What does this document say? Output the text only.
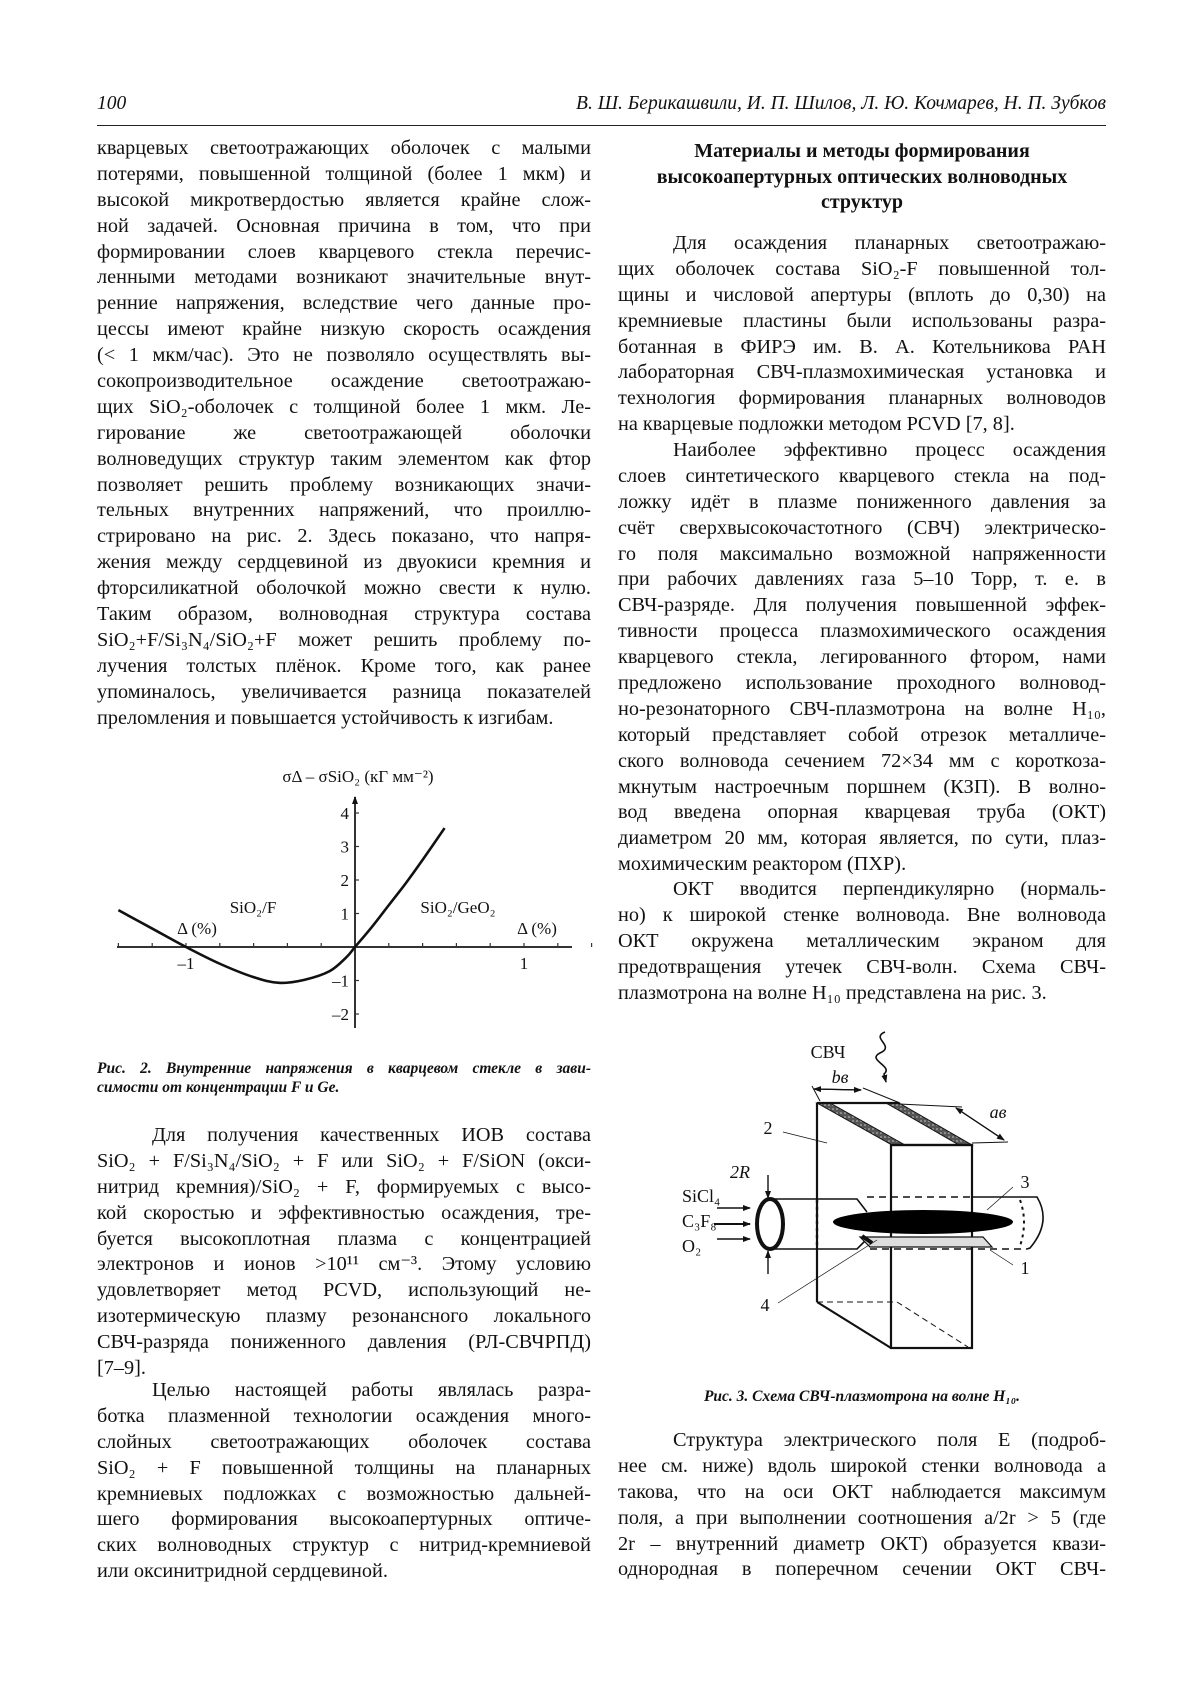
100	В. Ш. Берикашвили, И. П. Шилов, Л. Ю. Кочмарев, Н. П. Зубков
кварцевых светоотражающих оболочек с малыми
потерями, повышенной толщиной (более 1 мкм) и
высокой микротвердостью является крайне слож-
ной задачей. Основная причина в том, что при
формировании слоев кварцевого стекла перечис-
ленными методами возникают значительные внут-
ренние напряжения, вследствие чего данные про-
цессы имеют крайне низкую скорость осаждения
(< 1 мкм/час). Это не позволяло осуществлять вы-
сокопроизводительное осаждение светоотражаю-
щих SiO₂-оболочек с толщиной более 1 мкм. Ле-
гирование же светоотражающей оболочки
волноведущих структур таким элементом как фтор
позволяет решить проблему возникающих значи-
тельных внутренних напряжений, что проиллю-
стрировано на рис. 2. Здесь показано, что напря-
жения между сердцевиной из двуокиси кремния и
фторсиликатной оболочкой можно свести к нулю.
Таким образом, волноводная структура состава
SiO₂+F/Si₃N₄/SiO₂+F может решить проблему по-
лучения толстых плёнок. Кроме того, как ранее
упоминалось, увеличивается разница показателей
преломления и повышается устойчивость к изгибам.
Для получения качественных ИОВ состава
SiO₂ + F/Si₃N₄/SiO₂ + F или SiO₂ + F/SiON (окси-
нитрид кремния)/SiO₂ + F, формируемых с высо-
кой скоростью и эффективностью осаждения, тре-
буется высокоплотная плазма с концентрацией
электронов и ионов >10¹¹ см⁻³. Этому условию
удовлетворяет метод PCVD, использующий не-
изотермическую плазму резонансного локального
СВЧ-разряда пониженного давления (РЛ-СВЧРПД)
[7–9].
Целью настоящей работы являлась разра-
ботка плазменной технологии осаждения много-
слойных светоотражающих оболочек состава
SiO₂ + F повышенной толщины на планарных
кремниевых подложках с возможностью дальней-
шего формирования высокоапертурных оптиче-
ских волноводных структур с нитрид-кремниевой
или оксинитридной сердцевиной.
Материалы и методы формирования
высокоапертурных оптических волноводных
структур
Для осаждения планарных светоотражаю-
щих оболочек состава SiO₂-F повышенной тол-
щины и числовой апертуры (вплоть до 0,30) на
кремниевые пластины были использованы разра-
ботанная в ФИРЭ им. В. А. Котельникова РАН
лабораторная СВЧ-плазмохимическая установка и
технология формирования планарных волноводов
на кварцевые подложки методом PCVD [7, 8].
Наиболее эффективно процесс осаждения
слоев синтетического кварцевого стекла на под-
ложку идёт в плазме пониженного давления за
счёт сверхвысокочастотного (СВЧ) электрическо-
го поля максимально возможной напряженности
при рабочих давлениях газа 5–10 Торр, т. е. в
СВЧ-разряде. Для получения повышенной эффек-
тивности процесса плазмохимического осаждения
кварцевого стекла, легированного фтором, нами
предложено использование проходного волновод-
но-резонаторного СВЧ-плазмотрона на волне H₁₀,
который представляет собой отрезок металличе-
ского волновода сечением 72×34 мм с короткоза-
мкнутым настроечным поршнем (КЗП). В волно-
вод введена опорная кварцевая труба (ОКТ)
диаметром 20 мм, которая является, по сути, плаз-
мохимическим реактором (ПХР).
ОКТ вводится перпендикулярно (нормаль-
но) к широкой стенке волновода. Вне волновода
ОКТ окружена металлическим экраном для
предотвращения утечек СВЧ-волн. Схема СВЧ-
плазмотрона на волне H₁₀ представлена на рис. 3.
Структура электрического поля E (подроб-
нее см. ниже) вдоль широкой стенки волновода a
такова, что на оси ОКТ наблюдается максимум
поля, а при выполнении соотношения a/2r > 5 (где
2r – внутренний диаметр ОКТ) образуется квази-
однородная в поперечном сечении ОКТ СВЧ-
Рис. 2. Внутренние напряжения в кварцевом стекле в зави-
симости от концентрации F и Ge.
Рис. 3. Схема СВЧ-плазмотрона на волне H₁₀.
4
3
2
1
–1
–2
–1	1
σΔ – σSiO₂ (кГ мм⁻²)
SiO₂/F	SiO₂/GeO₂
Δ (%)	Δ (%)
СВЧ
bв
aв
2R
SiCl₄
C₃F₈
O₂
2
3
1
4
